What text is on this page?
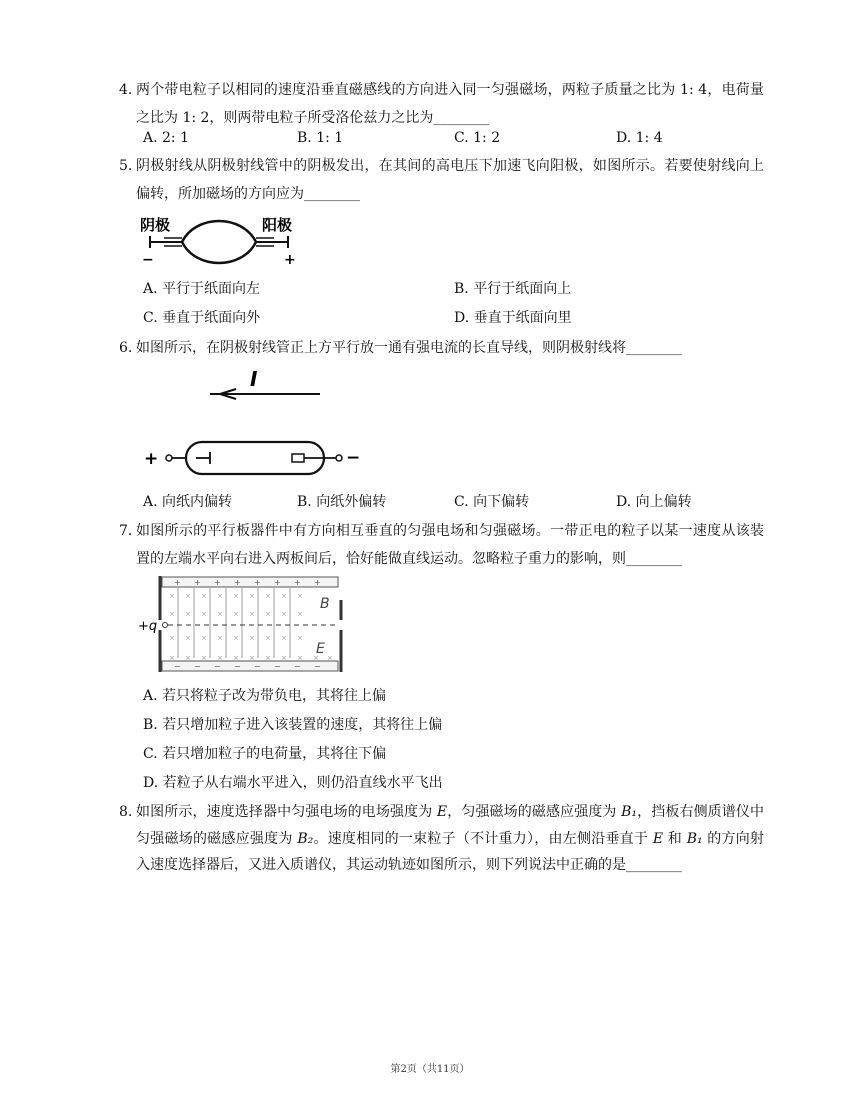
4. 两个带电粒子以相同的速度沿垂直磁感线的方向进入同一匀强磁场，两粒子质量之比为 1: 4，电荷量之比为 1: 2，则两带电粒子所受洛伦兹力之比为________
A. 2: 1	B. 1: 1	C. 1: 2	D. 1: 4
5. 阴极射线从阴极射线管中的阴极发出，在其间的高电压下加速飞向阳极，如图所示。若要使射线向上偏转，所加磁场的方向应为________
阴极	阳极
−	+
A. 平行于纸面向左	B. 平行于纸面向上
C. 垂直于纸面向外	D. 垂直于纸面向里
6. 如图所示，在阴极射线管正上方平行放一通有强电流的长直导线，则阴极射线将________
I
+	−
A. 向纸内偏转	B. 向纸外偏转	C. 向下偏转	D. 向上偏转
7. 如图所示的平行板器件中有方向相互垂直的匀强电场和匀强磁场。一带正电的粒子以某一速度从该装置的左端水平向右进入两板间后，恰好能做直线运动。忽略粒子重力的影响，则________
+ + + + + + + +
− − − − − − − −
× × × × × × × × ×
× × × × × × × × ×
× × × × × × × × ×
× × × × × × × × × × ×
+q
B
E
A. 若只将粒子改为带负电，其将往上偏
B. 若只增加粒子进入该装置的速度，其将往上偏
C. 若只增加粒子的电荷量，其将往下偏
D. 若粒子从右端水平进入，则仍沿直线水平飞出
8. 如图所示，速度选择器中匀强电场的电场强度为 E，匀强磁场的磁感应强度为 B₁，挡板右侧质谱仪中匀强磁场的磁感应强度为 B₂。速度相同的一束粒子（不计重力），由左侧沿垂直于 E 和 B₁ 的方向射入速度选择器后，又进入质谱仪，其运动轨迹如图所示，则下列说法中正确的是________
第2页（共11页）
